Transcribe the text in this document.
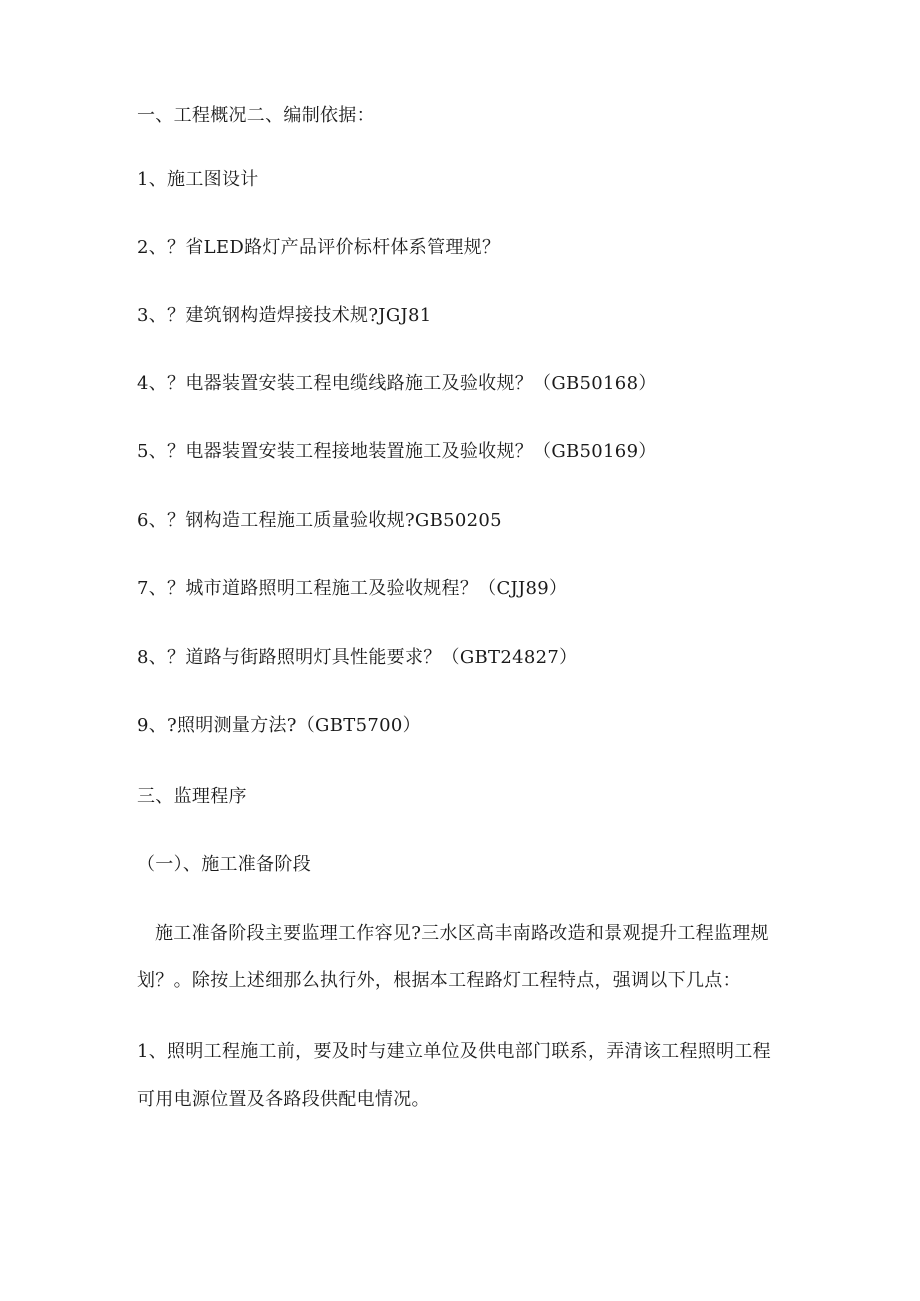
一、工程概况二、编制依据：
1、施工图设计
2、？省LED路灯产品评价标杆体系管理规？
3、？建筑钢构造焊接技术规?JGJ81
4、？电器装置安装工程电缆线路施工及验收规？（GB50168）
5、？电器装置安装工程接地装置施工及验收规？（GB50169）
6、？钢构造工程施工质量验收规?GB50205
7、？城市道路照明工程施工及验收规程？（CJJ89）
8、？道路与街路照明灯具性能要求？（GBT24827）
9、?照明测量方法?（GBT5700）
三、监理程序
（一）、施工准备阶段
施工准备阶段主要监理工作容见?三水区高丰南路改造和景观提升工程监理规
划？。除按上述细那么执行外，根据本工程路灯工程特点，强调以下几点：
1、照明工程施工前，要及时与建立单位及供电部门联系，弄清该工程照明工程
可用电源位置及各路段供配电情况。
